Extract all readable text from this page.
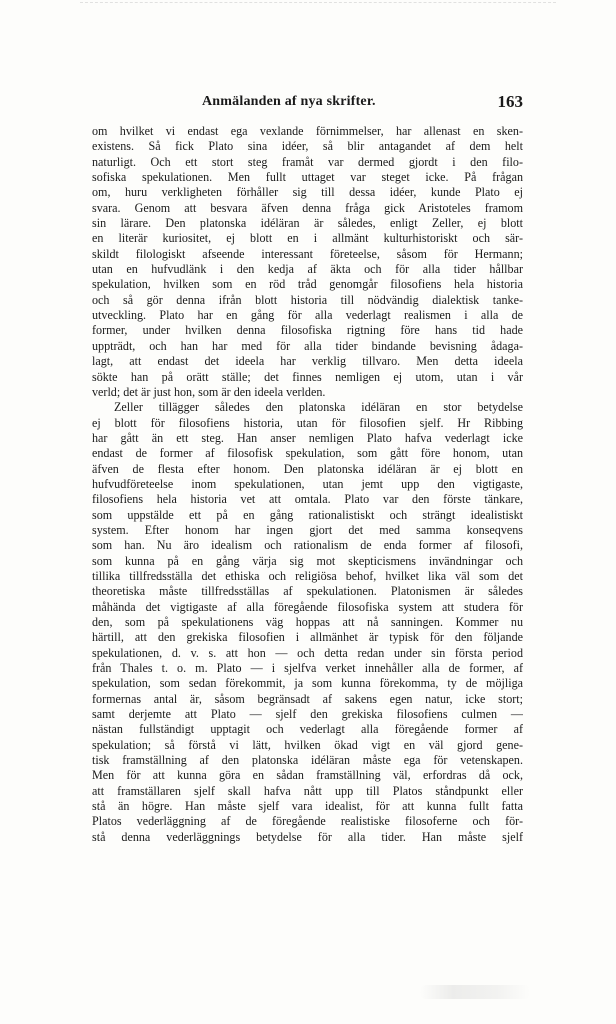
Anmälanden af nya skrifter.	163
om hvilket vi endast ega vexlande förnimmelser, har allenast en sken-
existens. Så fick Plato sina idéer, så blir antagandet af dem helt
naturligt. Och ett stort steg framåt var dermed gjordt i den filo-
sofiska spekulationen. Men fullt uttaget var steget icke. På frågan
om, huru verkligheten förhåller sig till dessa idéer, kunde Plato ej
svara. Genom att besvara äfven denna fråga gick Aristoteles framom
sin lärare. Den platonska idéläran är således, enligt Zeller, ej blott
en literär kuriositet, ej blott en i allmänt kulturhistoriskt och sär-
skildt filologiskt afseende interessant företeelse, såsom för Hermann;
utan en hufvudlänk i den kedja af äkta och för alla tider hållbar
spekulation, hvilken som en röd tråd genomgår filosofiens hela historia
och så gör denna ifrån blott historia till nödvändig dialektisk tanke-
utveckling. Plato har en gång för alla vederlagt realismen i alla de
former, under hvilken denna filosofiska rigtning före hans tid hade
uppträdt, och han har med för alla tider bindande bevisning ådaga-
lagt, att endast det ideela har verklig tillvaro. Men detta ideela
sökte han på orätt ställe; det finnes nemligen ej utom, utan i vår
verld; det är just hon, som är den ideela verlden.
Zeller tillägger således den platonska idéläran en stor betydelse
ej blott för filosofiens historia, utan för filosofien sjelf. Hr Ribbing
har gått än ett steg. Han anser nemligen Plato hafva vederlagt icke
endast de former af filosofisk spekulation, som gått före honom, utan
äfven de flesta efter honom. Den platonska idéläran är ej blott en
hufvudföreteelse inom spekulationen, utan jemt upp den vigtigaste,
filosofiens hela historia vet att omtala. Plato var den förste tänkare,
som uppstälde ett på en gång rationalistiskt och strängt idealistiskt
system. Efter honom har ingen gjort det med samma konseqvens
som han. Nu äro idealism och rationalism de enda former af filosofi,
som kunna på en gång värja sig mot skepticismens invändningar och
tillika tillfredsställa det ethiska och religiösa behof, hvilket lika väl som det
theoretiska måste tillfredsställas af spekulationen. Platonismen är således
måhända det vigtigaste af alla föregående filosofiska system att studera för
den, som på spekulationens väg hoppas att nå sanningen. Kommer nu
härtill, att den grekiska filosofien i allmänhet är typisk för den följande
spekulationen, d. v. s. att hon — och detta redan under sin första period
från Thales t. o. m. Plato — i sjelfva verket innehåller alla de former, af
spekulation, som sedan förekommit, ja som kunna förekomma, ty de möjliga
formernas antal är, såsom begränsadt af sakens egen natur, icke stort;
samt derjemte att Plato — sjelf den grekiska filosofiens culmen —
nästan fullständigt upptagit och vederlagt alla föregående former af
spekulation; så förstå vi lätt, hvilken ökad vigt en väl gjord gene-
tisk framställning af den platonska idéläran måste ega för vetenskapen.
Men för att kunna göra en sådan framställning väl, erfordras då ock,
att framställaren sjelf skall hafva nått upp till Platos ståndpunkt eller
stå än högre. Han måste sjelf vara idealist, för att kunna fullt fatta
Platos vederläggning af de föregående realistiske filosoferne och för-
stå denna vederläggnings betydelse för alla tider. Han måste sjelf
